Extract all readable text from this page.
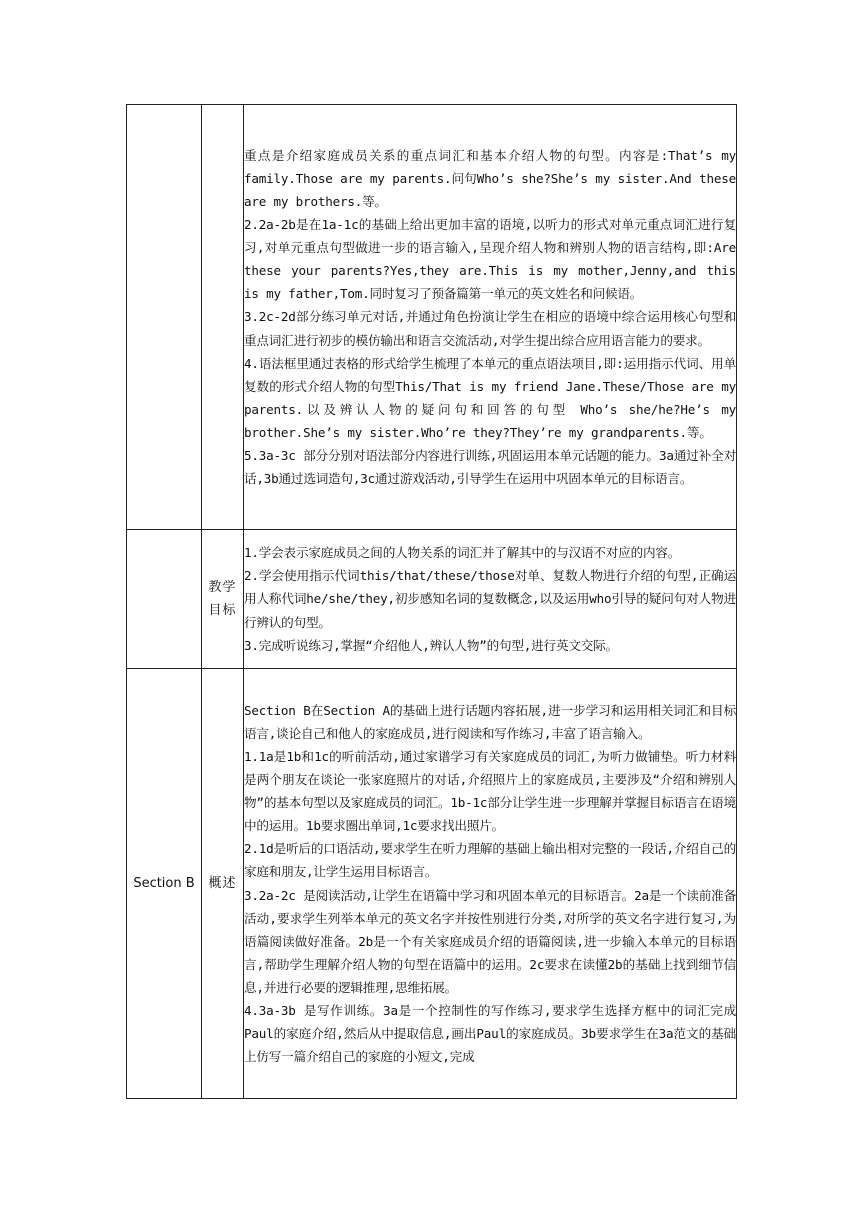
		重点是介绍家庭成员关系的重点词汇和基本介绍人物的句型。内容是:That’s my family.Those are my parents.问句Who’s she?She’s my sister.And these are my brothers.等。

2.2a-2b是在1a-1c的基础上给出更加丰富的语境,以听力的形式对单元重点词汇进行复习,对单元重点句型做进一步的语言输入,呈现介绍人物和辨别人物的语言结构,即:Are these your parents?Yes,they are.This is my mother,Jenny,and this is my father,Tom.同时复习了预备篇第一单元的英文姓名和问候语。

3.2c-2d部分练习单元对话,并通过角色扮演让学生在相应的语境中综合运用核心句型和重点词汇进行初步的模仿输出和语言交流活动,对学生提出综合应用语言能力的要求。

4.语法框里通过表格的形式给学生梳理了本单元的重点语法项目,即:运用指示代词、用单复数的形式介绍人物的句型This/That is my friend Jane.These/Those are my parents.以及辨认人物的疑问句和回答的句型 Who’s she/he?He’s my brother.She’s my sister.Who’re they?They’re my grandparents.等。

5.3a-3c 部分分别对语法部分内容进行训练,巩固运用本单元话题的能力。3a通过补全对话,3b通过选词造句,3c通过游戏活动,引导学生在运用中巩固本单元的目标语言。

	教学目标	1.学会表示家庭成员之间的人物关系的词汇并了解其中的与汉语不对应的内容。

2.学会使用指示代词this/that/these/those对单、复数人物进行介绍的句型,正确运用人称代词he/she/they,初步感知名词的复数概念,以及运用who引导的疑问句对人物进行辨认的句型。

3.完成听说练习,掌握“介绍他人,辨认人物”的句型,进行英文交际。

Section B	概述	Section B在Section A的基础上进行话题内容拓展,进一步学习和运用相关词汇和目标语言,谈论自己和他人的家庭成员,进行阅读和写作练习,丰富了语言输入。

1.1a是1b和1c的听前活动,通过家谱学习有关家庭成员的词汇,为听力做铺垫。听力材料是两个朋友在谈论一张家庭照片的对话,介绍照片上的家庭成员,主要涉及“介绍和辨别人物”的基本句型以及家庭成员的词汇。1b-1c部分让学生进一步理解并掌握目标语言在语境中的运用。1b要求圈出单词,1c要求找出照片。

2.1d是听后的口语活动,要求学生在听力理解的基础上输出相对完整的一段话,介绍自己的家庭和朋友,让学生运用目标语言。

3.2a-2c 是阅读活动,让学生在语篇中学习和巩固本单元的目标语言。2a是一个读前准备活动,要求学生列举本单元的英文名字并按性别进行分类,对所学的英文名字进行复习,为语篇阅读做好准备。2b是一个有关家庭成员介绍的语篇阅读,进一步输入本单元的目标语言,帮助学生理解介绍人物的句型在语篇中的运用。2c要求在读懂2b的基础上找到细节信息,并进行必要的逻辑推理,思维拓展。

4.3a-3b 是写作训练。3a是一个控制性的写作练习,要求学生选择方框中的词汇完成Paul的家庭介绍,然后从中提取信息,画出Paul的家庭成员。3b要求学生在3a范文的基础上仿写一篇介绍自己的家庭的小短文,完成
